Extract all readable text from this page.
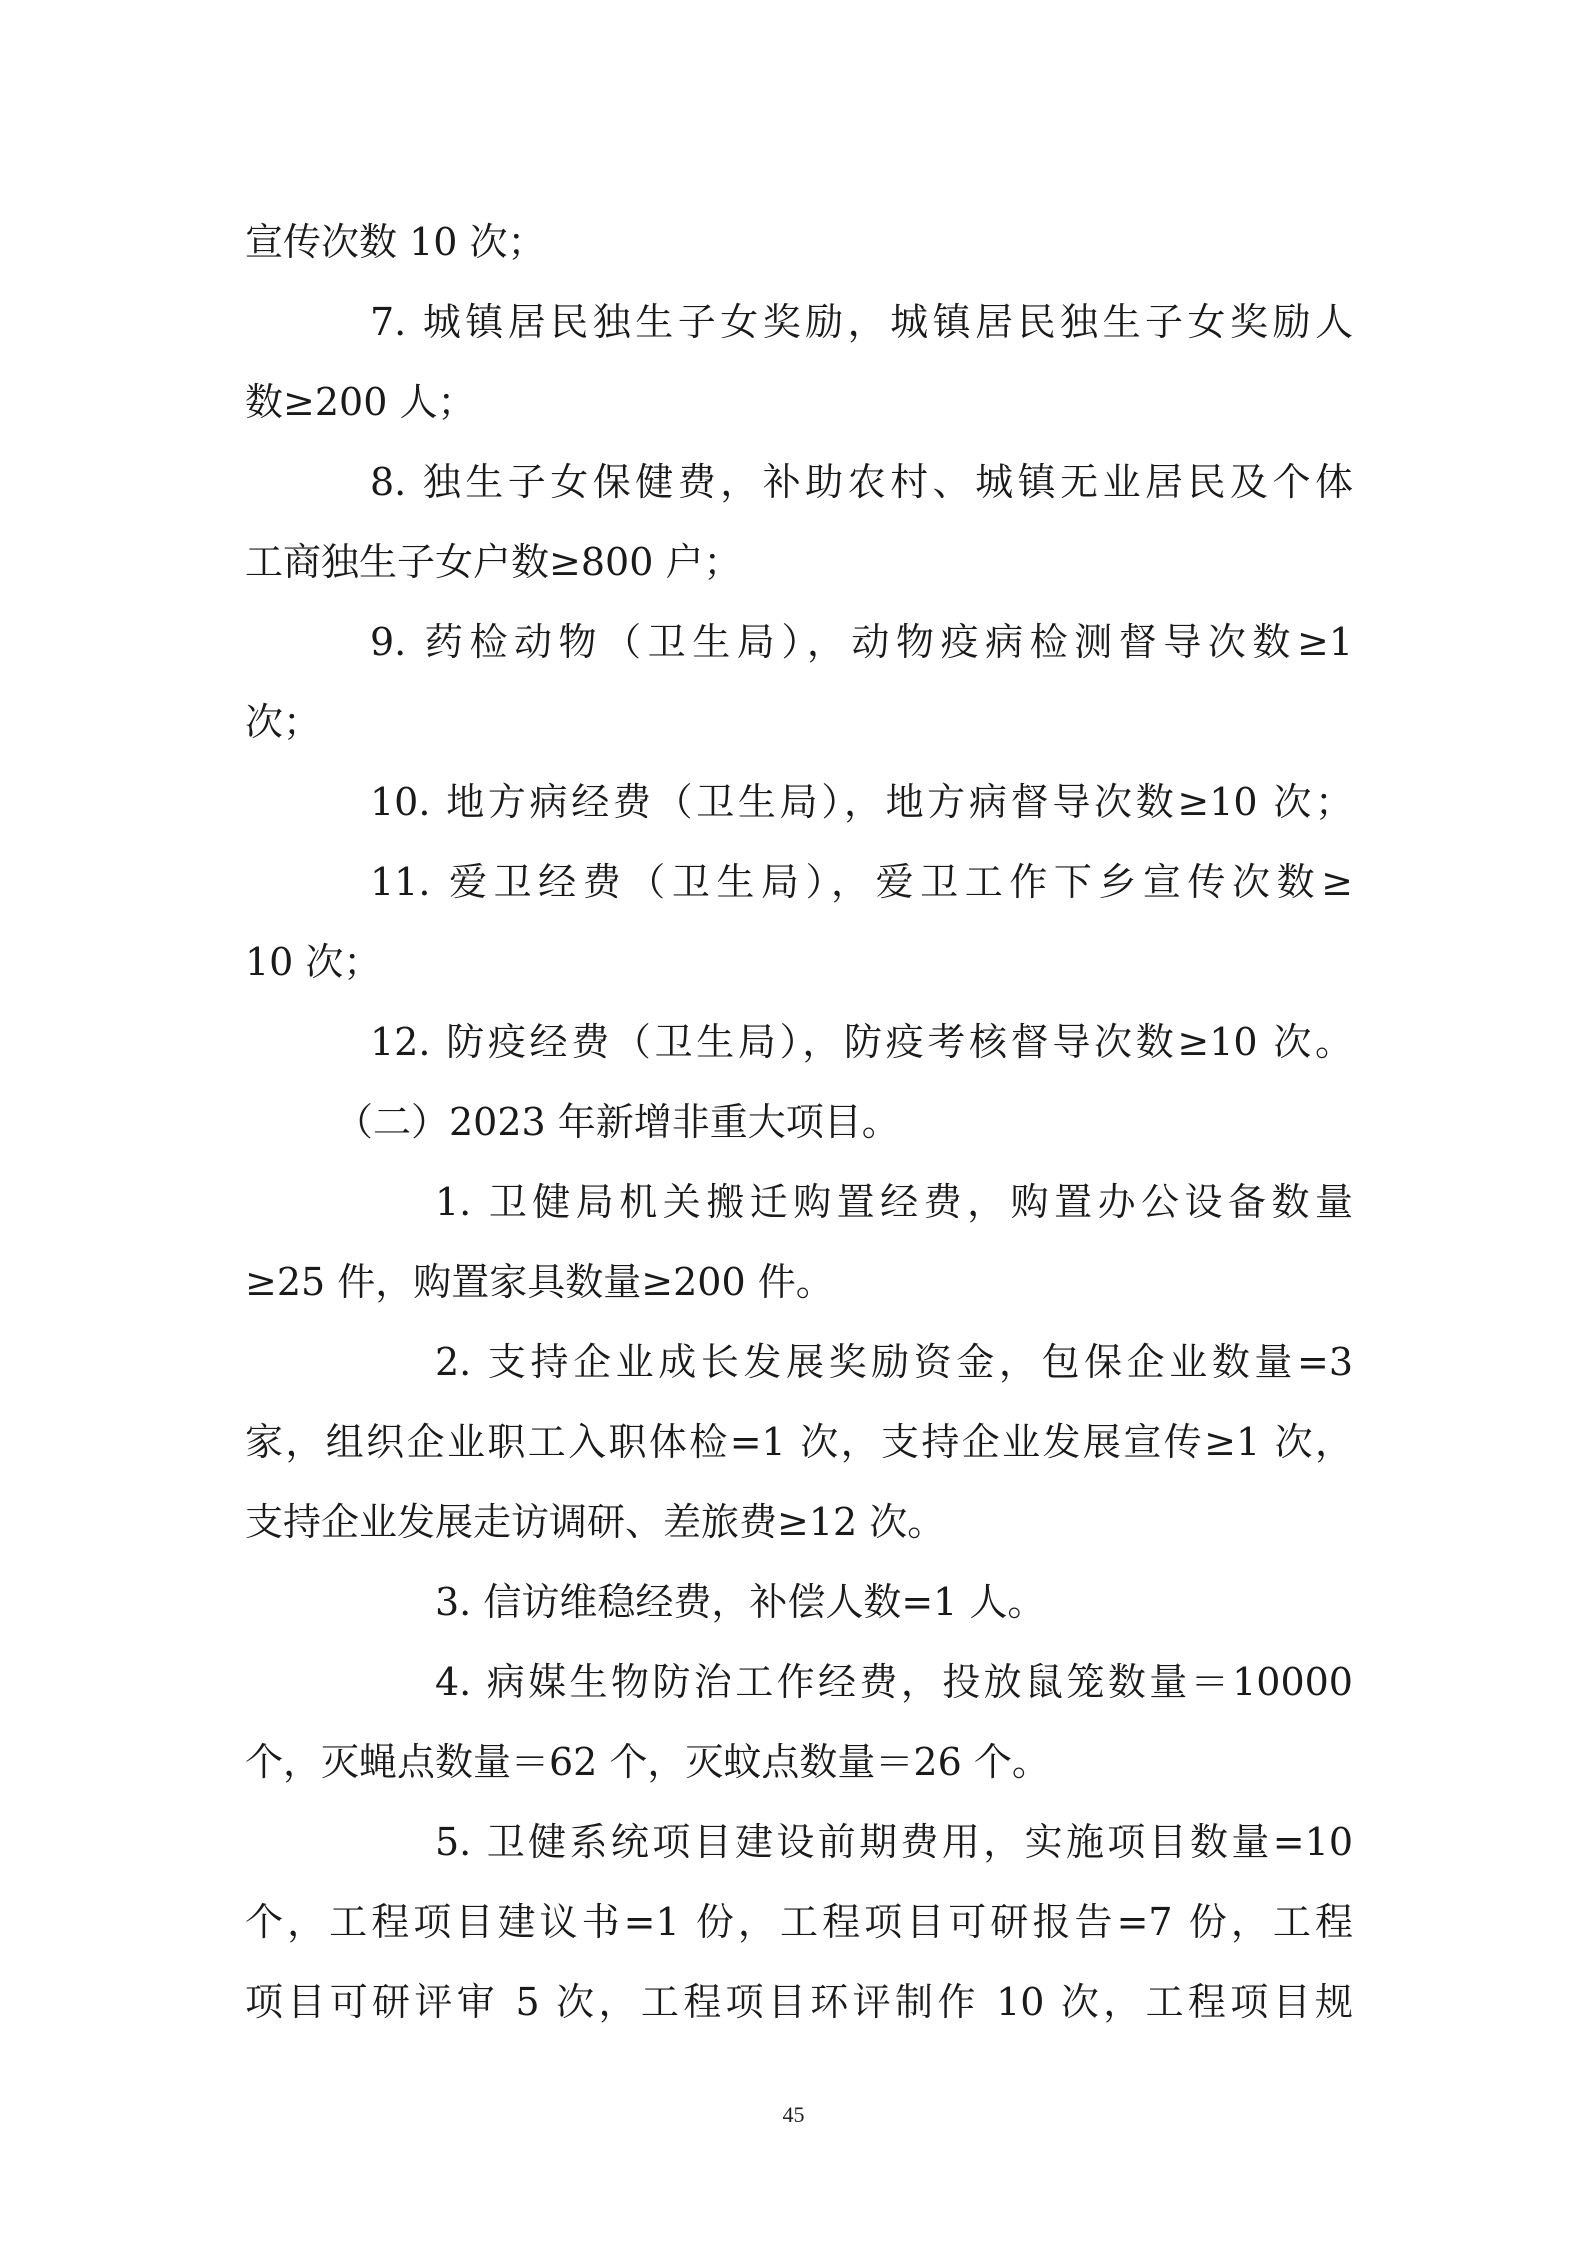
宣传次数 10 次；
7. 城镇居民独生子女奖励，城镇居民独生子女奖励人
数≥200 人；
8. 独生子女保健费，补助农村、城镇无业居民及个体
工商独生子女户数≥800 户；
9. 药检动物（卫生局），动物疫病检测督导次数≥1
次；
10. 地方病经费（卫生局），地方病督导次数≥10 次；
11. 爱卫经费（卫生局），爱卫工作下乡宣传次数≥
10 次；
12. 防疫经费（卫生局），防疫考核督导次数≥10 次。
（二）2023 年新增非重大项目。
1. 卫健局机关搬迁购置经费，购置办公设备数量
≥25 件，购置家具数量≥200 件。
2. 支持企业成长发展奖励资金，包保企业数量=3
家，组织企业职工入职体检=1 次，支持企业发展宣传≥1 次，
支持企业发展走访调研、差旅费≥12 次。
3. 信访维稳经费，补偿人数=1 人。
4. 病媒生物防治工作经费，投放鼠笼数量＝10000
个，灭蝇点数量＝62 个，灭蚊点数量＝26 个。
5. 卫健系统项目建设前期费用，实施项目数量=10
个，工程项目建议书=1 份，工程项目可研报告=7 份，工程
项目可研评审 5 次，工程项目环评制作 10 次，工程项目规
45
